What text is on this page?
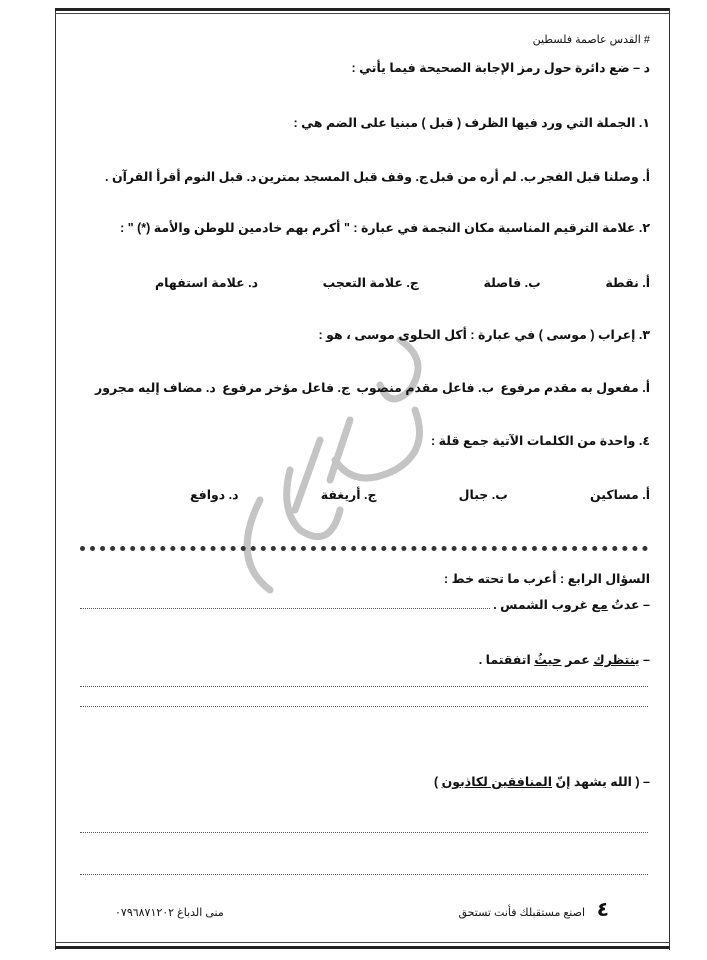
# القدس عاصمة فلسطين
د – ضع دائرة حول رمز الإجابة الصحيحة فيما يأتي :
١. الجملة التي ورد فيها الظرف ( قبل ) مبنيا على الضم هي :
أ. وصلنا قبل الفجر
ب. لم أره من قبل
ج. وقف قبل المسجد بمترين
د. قبل النوم أقرأ القرآن .
٢. علامة الترقيم المناسبة مكان النجمة في عبارة : " أكرم بهم خادمين للوطن والأمة (*) " :
أ. نقطة
ب. فاصلة
ج. علامة التعجب
د. علامة استفهام
٣. إعراب ( موسى ) في عبارة : أكل الحلوى موسى ، هو :
أ. مفعول به مقدم مرفوع
ب. فاعل مقدم منصوب
ج. فاعل مؤخر مرفوع
د. مضاف إليه مجرور
٤. واحدة من الكلمات الآتية جمع قلة :
أ. مساكين
ب. جبال
ج. أريغفة
د. دوافع
السؤال الرابع : أعرب ما تحته خط :
– عدتُ مع غروب الشمس .
– ينتظرك عمر حيثُ اتفقتما .
– ( الله يشهد إنّ المنافقين لكاذبون )
٤
اصنع مستقبلك فأنت تستحق
منى الدباغ ٠٧٩٦٨٧١٢٠٢
